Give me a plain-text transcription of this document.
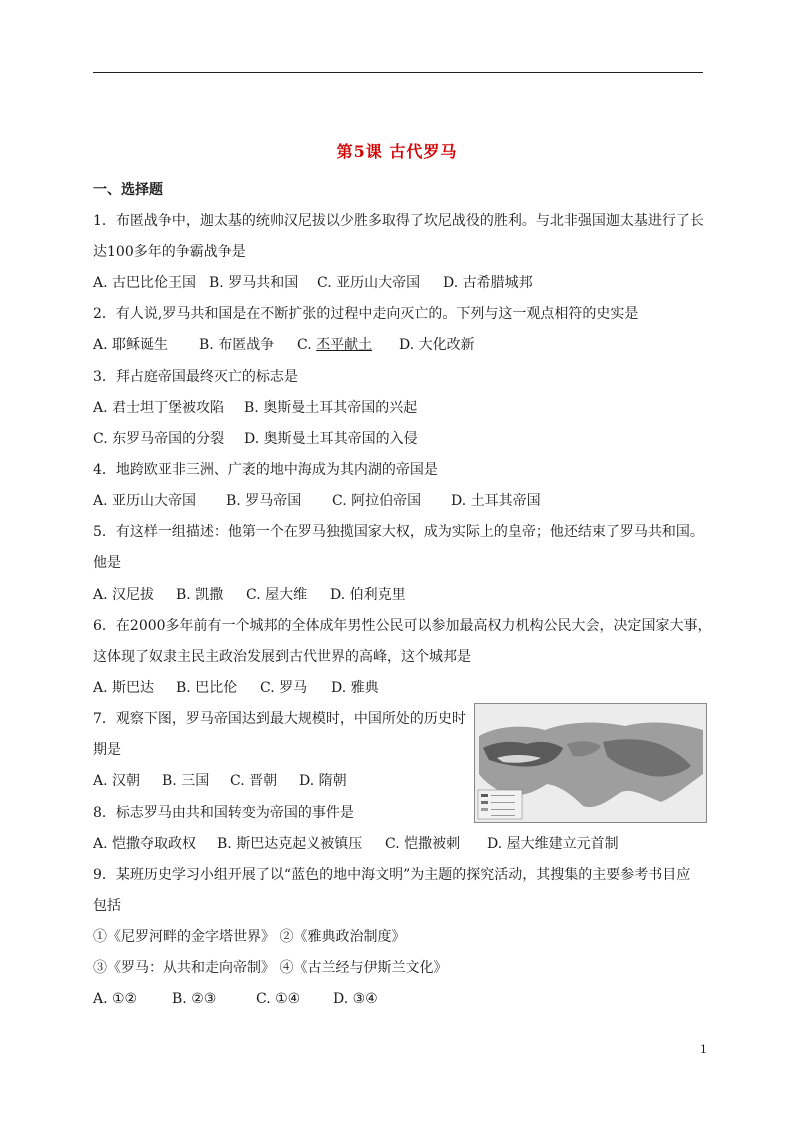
第5课 古代罗马
一、选择题
1．布匿战争中，迦太基的统帅汉尼拔以少胜多取得了坎尼战役的胜利。与北非强国迦太基进行了长
达100多年的争霸战争是
A. 古巴比伦王国 B. 罗马共和国 C. 亚历山大帝国 D. 古希腊城邦
2．有人说,罗马共和国是在不断扩张的过程中走向灭亡的。下列与这一观点相符的史实是
A. 耶稣诞生 B. 布匿战争 C. 丕平献土 D. 大化改新
3．拜占庭帝国最终灭亡的标志是
A. 君士坦丁堡被攻陷 B. 奥斯曼土耳其帝国的兴起
C. 东罗马帝国的分裂 D. 奥斯曼土耳其帝国的入侵
4．地跨欧亚非三洲、广袤的地中海成为其内湖的帝国是
A. 亚历山大帝国 B. 罗马帝国 C. 阿拉伯帝国 D. 土耳其帝国
5．有这样一组描述：他第一个在罗马独揽国家大权，成为实际上的皇帝；他还结束了罗马共和国。
他是
A. 汉尼拔 B. 凯撒 C. 屋大维 D. 伯利克里
6．在2000多年前有一个城邦的全体成年男性公民可以参加最高权力机构公民大会，决定国家大事，
这体现了奴隶主民主政治发展到古代世界的高峰，这个城邦是
A. 斯巴达 B. 巴比伦 C. 罗马 D. 雅典
7．观察下图，罗马帝国达到最大规模时，中国所处的历史时
期是
A. 汉朝 B. 三国 C. 晋朝 D. 隋朝
8．标志罗马由共和国转变为帝国的事件是
A. 恺撒夺取政权 B. 斯巴达克起义被镇压 C. 恺撒被刺 D. 屋大维建立元首制
9．某班历史学习小组开展了以“蓝色的地中海文明”为主题的探究活动，其搜集的主要参考书目应
包括
①《尼罗河畔的金字塔世界》 ②《雅典政治制度》
③《罗马：从共和走向帝制》 ④《古兰经与伊斯兰文化》
A. ①② B. ②③	C. ①④ D. ③④
1
